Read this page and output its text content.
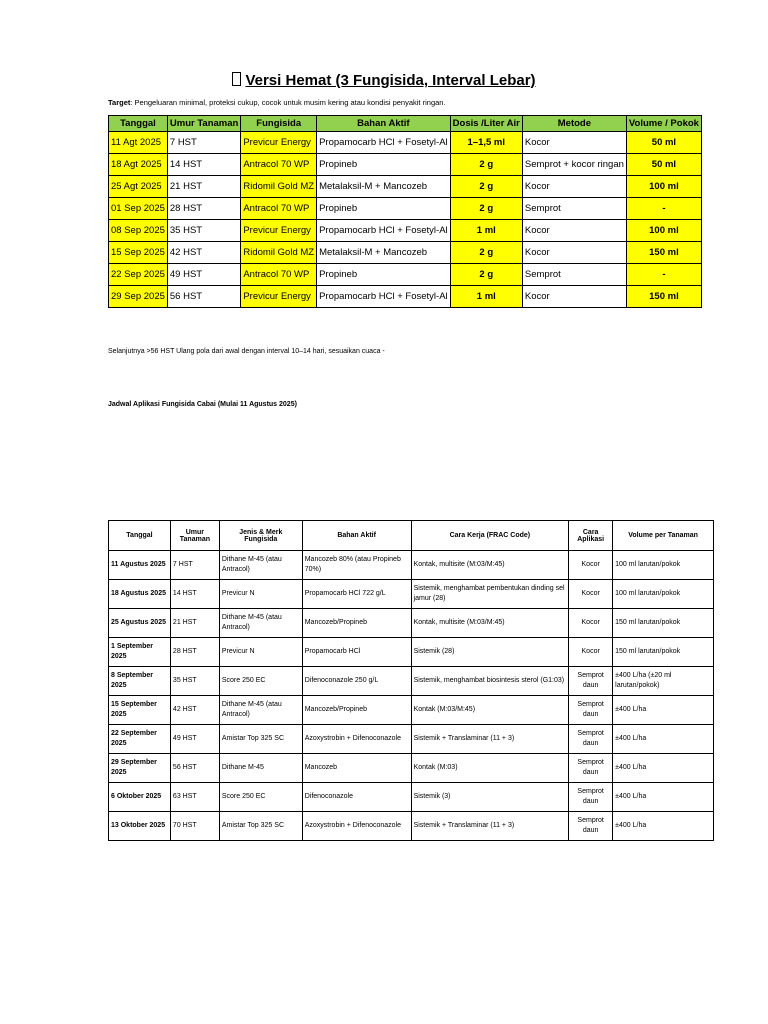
Versi Hemat (3 Fungisida, Interval Lebar)
Target: Pengeluaran minimal, proteksi cukup, cocok untuk musim kering atau kondisi penyakit ringan.
Tanggal	Umur Tanaman	Fungisida	Bahan Aktif	Dosis /Liter Air	Metode	Volume / Pokok
11 Agt 2025	7 HST	Previcur Energy	Propamocarb HCl + Fosetyl-Al	1–1,5 ml	Kocor	50 ml
18 Agt 2025	14 HST	Antracol 70 WP	Propineb	2 g	Semprot + kocor ringan	50 ml
25 Agt 2025	21 HST	Ridomil Gold MZ	Metalaksil-M + Mancozeb	2 g	Kocor	100 ml
01 Sep 2025	28 HST	Antracol 70 WP	Propineb	2 g	Semprot	-
08 Sep 2025	35 HST	Previcur Energy	Propamocarb HCl + Fosetyl-Al	1 ml	Kocor	100 ml
15 Sep 2025	42 HST	Ridomil Gold MZ	Metalaksil-M + Mancozeb	2 g	Kocor	150 ml
22 Sep 2025	49 HST	Antracol 70 WP	Propineb	2 g	Semprot	-
29 Sep 2025	56 HST	Previcur Energy	Propamocarb HCl + Fosetyl-Al	1 ml	Kocor	150 ml
Selanjutnya >56 HST Ulang pola dari awal dengan interval 10–14 hari, sesuaikan cuaca -
Jadwal Aplikasi Fungisida Cabai (Mulai 11 Agustus 2025)
Tanggal	Umur Tanaman	Jenis & Merk Fungisida	Bahan Aktif	Cara Kerja (FRAC Code)	Cara Aplikasi	Volume per Tanaman
11 Agustus 2025	7 HST	Dithane M-45 (atau Antracol)	Mancozeb 80% (atau Propineb 70%)	Kontak, multisite (M:03/M:45)	Kocor	100 ml larutan/pokok
18 Agustus 2025	14 HST	Previcur N	Propamocarb HCl 722 g/L	Sistemik, menghambat pembentukan dinding sel jamur (28)	Kocor	100 ml larutan/pokok
25 Agustus 2025	21 HST	Dithane M-45 (atau Antracol)	Mancozeb/Propineb	Kontak, multisite (M:03/M:45)	Kocor	150 ml larutan/pokok
1 September 2025	28 HST	Previcur N	Propamocarb HCl	Sistemik (28)	Kocor	150 ml larutan/pokok
8 September 2025	35 HST	Score 250 EC	Difenoconazole 250 g/L	Sistemik, menghambat biosintesis sterol (G1:03)	Semprot daun	±400 L/ha (±20 ml larutan/pokok)
15 September 2025	42 HST	Dithane M-45 (atau Antracol)	Mancozeb/Propineb	Kontak (M:03/M:45)	Semprot daun	±400 L/ha
22 September 2025	49 HST	Amistar Top 325 SC	Azoxystrobin + Difenoconazole	Sistemik + Translaminar (11 + 3)	Semprot daun	±400 L/ha
29 September 2025	56 HST	Dithane M-45	Mancozeb	Kontak (M:03)	Semprot daun	±400 L/ha
6 Oktober 2025	63 HST	Score 250 EC	Difenoconazole	Sistemik (3)	Semprot daun	±400 L/ha
13 Oktober 2025	70 HST	Amistar Top 325 SC	Azoxystrobin + Difenoconazole	Sistemik + Translaminar (11 + 3)	Semprot daun	±400 L/ha
